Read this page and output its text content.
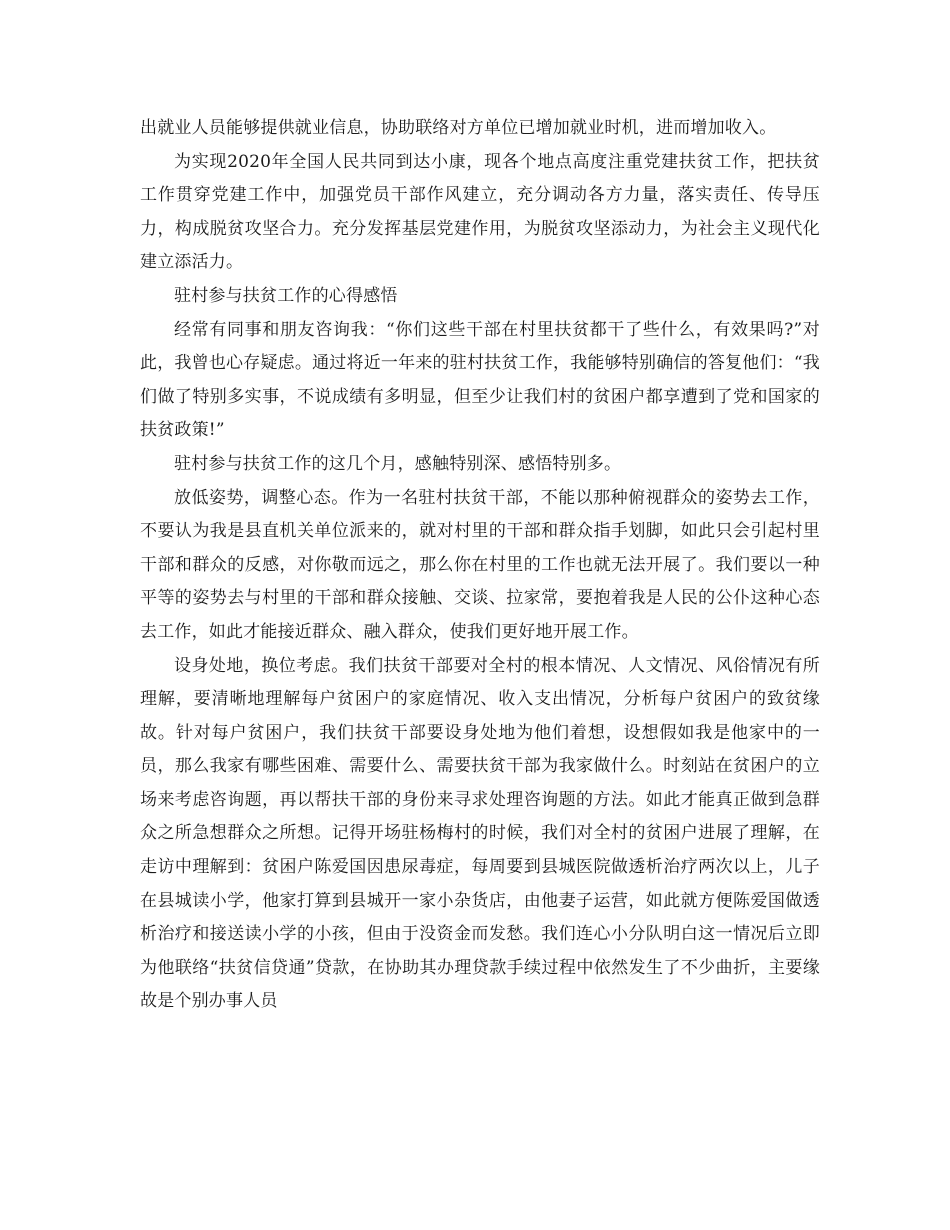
出就业人员能够提供就业信息，协助联络对方单位已增加就业时机，进而增加收入。

为实现2020年全国人民共同到达小康，现各个地点高度注重党建扶贫工作，把扶贫工作贯穿党建工作中，加强党员干部作风建立，充分调动各方力量，落实责任、传导压力，构成脱贫攻坚合力。充分发挥基层党建作用，为脱贫攻坚添动力，为社会主义现代化建立添活力。

驻村参与扶贫工作的心得感悟

经常有同事和朋友咨询我：“你们这些干部在村里扶贫都干了些什么，有效果吗?”对此，我曾也心存疑虑。通过将近一年来的驻村扶贫工作，我能够特别确信的答复他们：“我们做了特别多实事，不说成绩有多明显，但至少让我们村的贫困户都享遭到了党和国家的扶贫政策!”

驻村参与扶贫工作的这几个月，感触特别深、感悟特别多。

放低姿势，调整心态。作为一名驻村扶贫干部，不能以那种俯视群众的姿势去工作，不要认为我是县直机关单位派来的，就对村里的干部和群众指手划脚，如此只会引起村里干部和群众的反感，对你敬而远之，那么你在村里的工作也就无法开展了。我们要以一种平等的姿势去与村里的干部和群众接触、交谈、拉家常，要抱着我是人民的公仆这种心态去工作，如此才能接近群众、融入群众，使我们更好地开展工作。

设身处地，换位考虑。我们扶贫干部要对全村的根本情况、人文情况、风俗情况有所理解，要清晰地理解每户贫困户的家庭情况、收入支出情况，分析每户贫困户的致贫缘故。针对每户贫困户，我们扶贫干部要设身处地为他们着想，设想假如我是他家中的一员，那么我家有哪些困难、需要什么、需要扶贫干部为我家做什么。时刻站在贫困户的立场来考虑咨询题，再以帮扶干部的身份来寻求处理咨询题的方法。如此才能真正做到急群众之所急想群众之所想。记得开场驻杨梅村的时候，我们对全村的贫困户进展了理解，在走访中理解到：贫困户陈爱国因患尿毒症，每周要到县城医院做透析治疗两次以上，儿子在县城读小学，他家打算到县城开一家小杂货店，由他妻子运营，如此就方便陈爱国做透析治疗和接送读小学的小孩，但由于没资金而发愁。我们连心小分队明白这一情况后立即为他联络“扶贫信贷通”贷款，在协助其办理贷款手续过程中依然发生了不少曲折，主要缘故是个别办事人员
